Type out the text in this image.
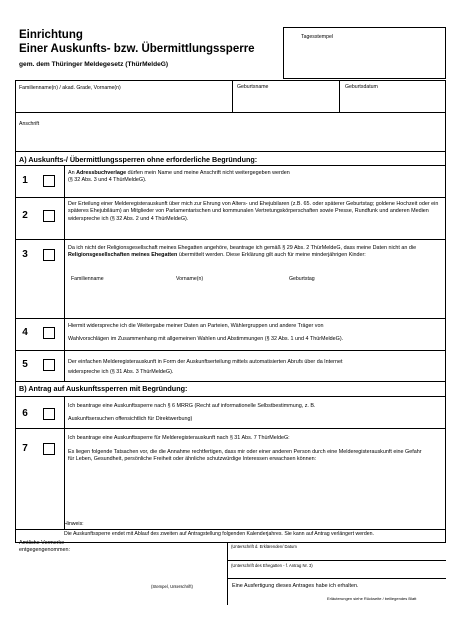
Einrichtung
Einer Auskunfts- bzw. Übermittlungssperre
gem. dem Thüringer Meldegesetz (ThürMeldeG)
Tagesstempel
Familienname(n) / akad. Grade, Vorname(n)	Geburtsname	Geburtsdatum
Anschrift
A) Auskunfts-/ Übermittlungssperren ohne erforderliche Begründung:
1
An Adressbuchverlage dürfen mein Name und meine Anschrift nicht weitergegeben werden
(§ 32 Abs. 3 und 4 ThürMeldeG).
2
Der Erteilung einer Melderegisterauskunft über mich zur Ehrung von Alters- und Ehejubilaren (z.B. 65. oder späterer Geburtstag; goldene Hochzeit oder ein späteres Ehejubiläum) an Mitglieder von Parlamentarischen und kommunalen Vertretungskörperschaften sowie Presse, Rundfunk und anderen Medien widerspreche ich (§ 32 Abs. 2 und 4 ThürMeldeG).
3
Da ich nicht der Religionsgesellschaft meines Ehegatten angehöre, beantrage ich gemäß § 29 Abs. 2 ThürMeldeG, dass meine Daten nicht an die Religionsgesellschaften meines Ehegatten übermittelt werden. Diese Erklärung gilt auch für meine minderjährigen Kinder:
Familienname	Vorname(n)	Geburtstag
4
Hiermit widerspreche ich die Weitergabe meiner Daten an Parteien, Wählergruppen und andere Träger von
Wahlvorschlägen im Zusammenhang mit allgemeinen Wahlen und Abstimmungen (§ 32 Abs. 1 und 4 ThürMeldeG).
5	Der einfachen Melderegisterauskunft in Form der Auskunftserteilung mittels automatisierten Abrufs über da Internet
widerspreche ich (§ 31 Abs. 3 ThürMeldeG).
B) Antrag auf Auskunftssperren mit Begründung:
6
Ich beantrage eine Auskunftssperre nach § 6 MRRG (Recht auf informationelle Selbstbestimmung, z. B.
Auskunftsersuchen offensichtlich für Direktwerbung)
7
Ich beantrage eine Auskunftssperre für Melderegisterauskunft nach § 31 Abs. 7 ThürMeldeG:
Es liegen folgende Tatsachen vor, die die Annahme rechtfertigen, dass mir oder einer anderen Person durch eine Melderegisterauskunft eine Gefahr für Leben, Gesundheit, persönliche Freiheit oder ähnliche schutzwürdige Interessen erwachsen können:
Hinweis:
Die Auskunftssperre endet mit Ablauf des zweiten auf Antragstellung folgenden Kalenderjahres. Sie kann auf Antrag verlängert werden.
Amtliche Vermerke
entgegengenommen:
(Unterschrift d. Erklärenden/ Datum
(Unterschrift des Ehegatten - f. Antrag Nr. 3)
(Stempel, Unterschrift)	Eine Ausfertigung dieses Antrages habe ich erhalten.
Erläuterungen siehe Rückseite / beiliegendes Blatt
